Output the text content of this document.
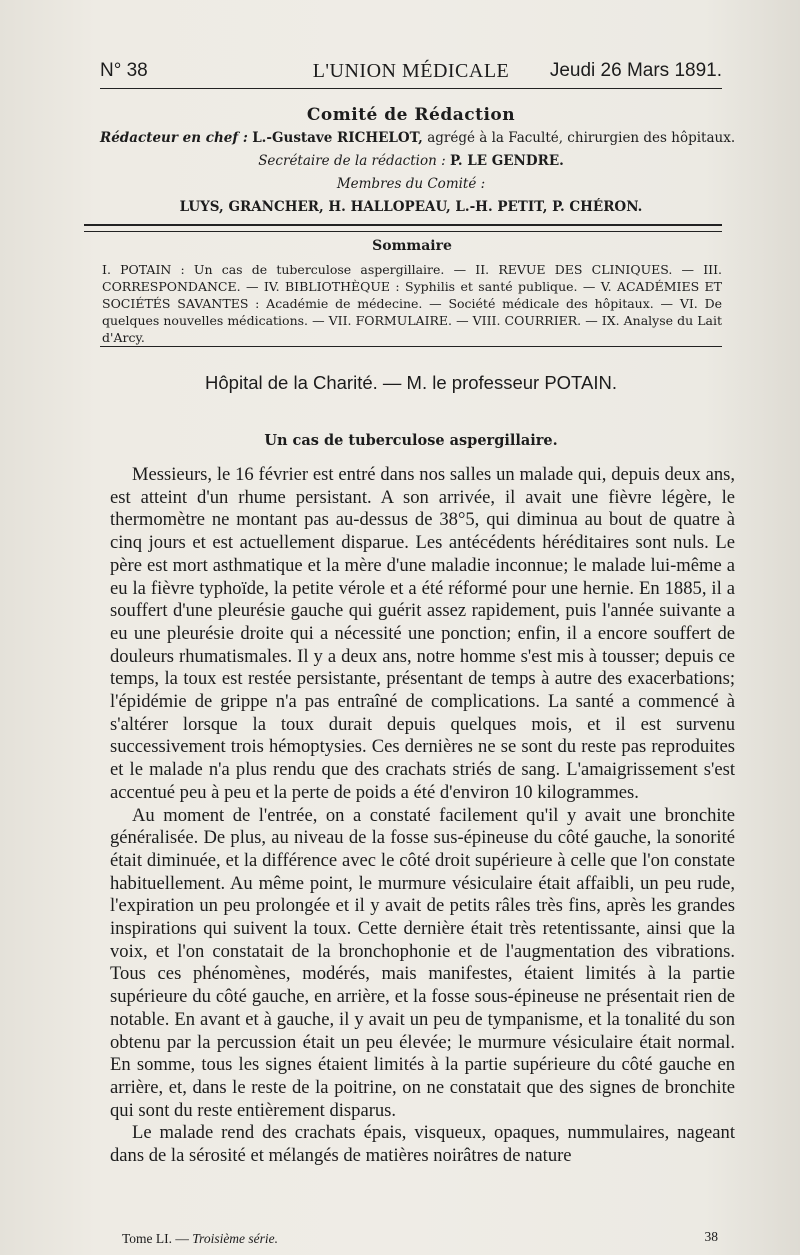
N° 38	L'UNION MÉDICALE	Jeudi 26 Mars 1891.
Comité de Rédaction
Rédacteur en chef : L.-Gustave RICHELOT, agrégé à la Faculté, chirurgien des hôpitaux.
Secrétaire de la rédaction : P. LE GENDRE.
Membres du Comité :
LUYS, GRANCHER, H. HALLOPEAU, L.-H. PETIT, P. CHÉRON.
Sommaire
I. POTAIN : Un cas de tuberculose aspergillaire. — II. REVUE DES CLINIQUES. — III. CORRESPONDANCE. — IV. BIBLIOTHÈQUE : Syphilis et santé publique. — V. ACADÉMIES ET SOCIÉTÉS SAVANTES : Académie de médecine. — Société médicale des hôpitaux. — VI. De quelques nouvelles médications. — VII. FORMULAIRE. — VIII. COURRIER. — IX. Analyse du Lait d'Arcy.
Hôpital de la Charité. — M. le professeur POTAIN.
Un cas de tuberculose aspergillaire.

Messieurs, le 16 février est entré dans nos salles un malade qui, depuis deux ans, est atteint d'un rhume persistant. A son arrivée, il avait une fièvre légère, le thermomètre ne montant pas au-dessus de 38°5, qui diminua au bout de quatre à cinq jours et est actuellement disparue. Les antécédents héréditaires sont nuls. Le père est mort asthmatique et la mère d'une maladie inconnue; le malade lui-même a eu la fièvre typhoïde, la petite vérole et a été réformé pour une hernie. En 1885, il a souffert d'une pleurésie gauche qui guérit assez rapidement, puis l'année suivante a eu une pleurésie droite qui a nécessité une ponction; enfin, il a encore souffert de douleurs rhumatismales. Il y a deux ans, notre homme s'est mis à tousser; depuis ce temps, la toux est restée persistante, présentant de temps à autre des exacerbations; l'épidémie de grippe n'a pas entraîné de complications. La santé a commencé à s'altérer lorsque la toux durait depuis quelques mois, et il est survenu successivement trois hémoptysies. Ces dernières ne se sont du reste pas reproduites et le malade n'a plus rendu que des crachats striés de sang. L'amaigrissement s'est accentué peu à peu et la perte de poids a été d'environ 10 kilogrammes.

Au moment de l'entrée, on a constaté facilement qu'il y avait une bronchite généralisée. De plus, au niveau de la fosse sus-épineuse du côté gauche, la sonorité était diminuée, et la différence avec le côté droit supérieure à celle que l'on constate habituellement. Au même point, le murmure vésiculaire était affaibli, un peu rude, l'expiration un peu prolongée et il y avait de petits râles très fins, après les grandes inspirations qui suivent la toux. Cette dernière était très retentissante, ainsi que la voix, et l'on constatait de la bronchophonie et de l'augmentation des vibrations. Tous ces phénomènes, modérés, mais manifestes, étaient limités à la partie supérieure du côté gauche, en arrière, et la fosse sous-épineuse ne présentait rien de notable. En avant et à gauche, il y avait un peu de tympanisme, et la tonalité du son obtenu par la percussion était un peu élevée; le murmure vésiculaire était normal. En somme, tous les signes étaient limités à la partie supérieure du côté gauche en arrière, et, dans le reste de la poitrine, on ne constatait que des signes de bronchite qui sont du reste entièrement disparus.

Le malade rend des crachats épais, visqueux, opaques, nummulaires, nageant dans de la sérosité et mélangés de matières noirâtres de nature

Tome LI. — Troisième série.	38
